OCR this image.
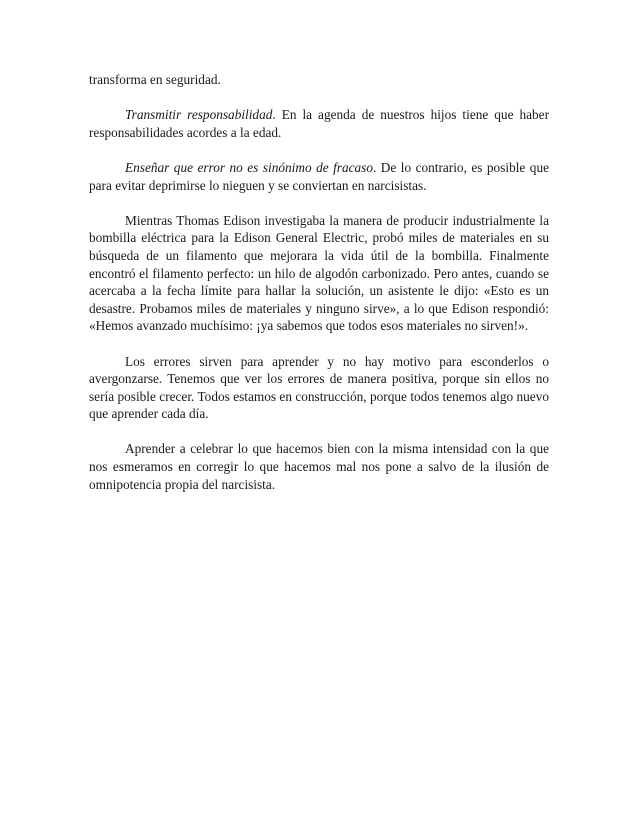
transforma en seguridad.

Transmitir responsabilidad. En la agenda de nuestros hijos tiene que haber responsabilidades acordes a la edad.

Enseñar que error no es sinónimo de fracaso. De lo contrario, es posible que para evitar deprimirse lo nieguen y se conviertan en narcisistas.

Mientras Thomas Edison investigaba la manera de producir industrialmente la bombilla eléctrica para la Edison General Electric, probó miles de materiales en su búsqueda de un filamento que mejorara la vida útil de la bombilla. Finalmente encontró el filamento perfecto: un hilo de algodón carbonizado. Pero antes, cuando se acercaba a la fecha límite para hallar la solución, un asistente le dijo: «Esto es un desastre. Probamos miles de materiales y ninguno sirve», a lo que Edison respondió: «Hemos avanzado muchísimo: ¡ya sabemos que todos esos materiales no sirven!».

Los errores sirven para aprender y no hay motivo para esconderlos o avergonzarse. Tenemos que ver los errores de manera positiva, porque sin ellos no sería posible crecer. Todos estamos en construcción, porque todos tenemos algo nuevo que aprender cada día.

Aprender a celebrar lo que hacemos bien con la misma intensidad con la que nos esmeramos en corregir lo que hacemos mal nos pone a salvo de la ilusión de omnipotencia propia del narcisista.
